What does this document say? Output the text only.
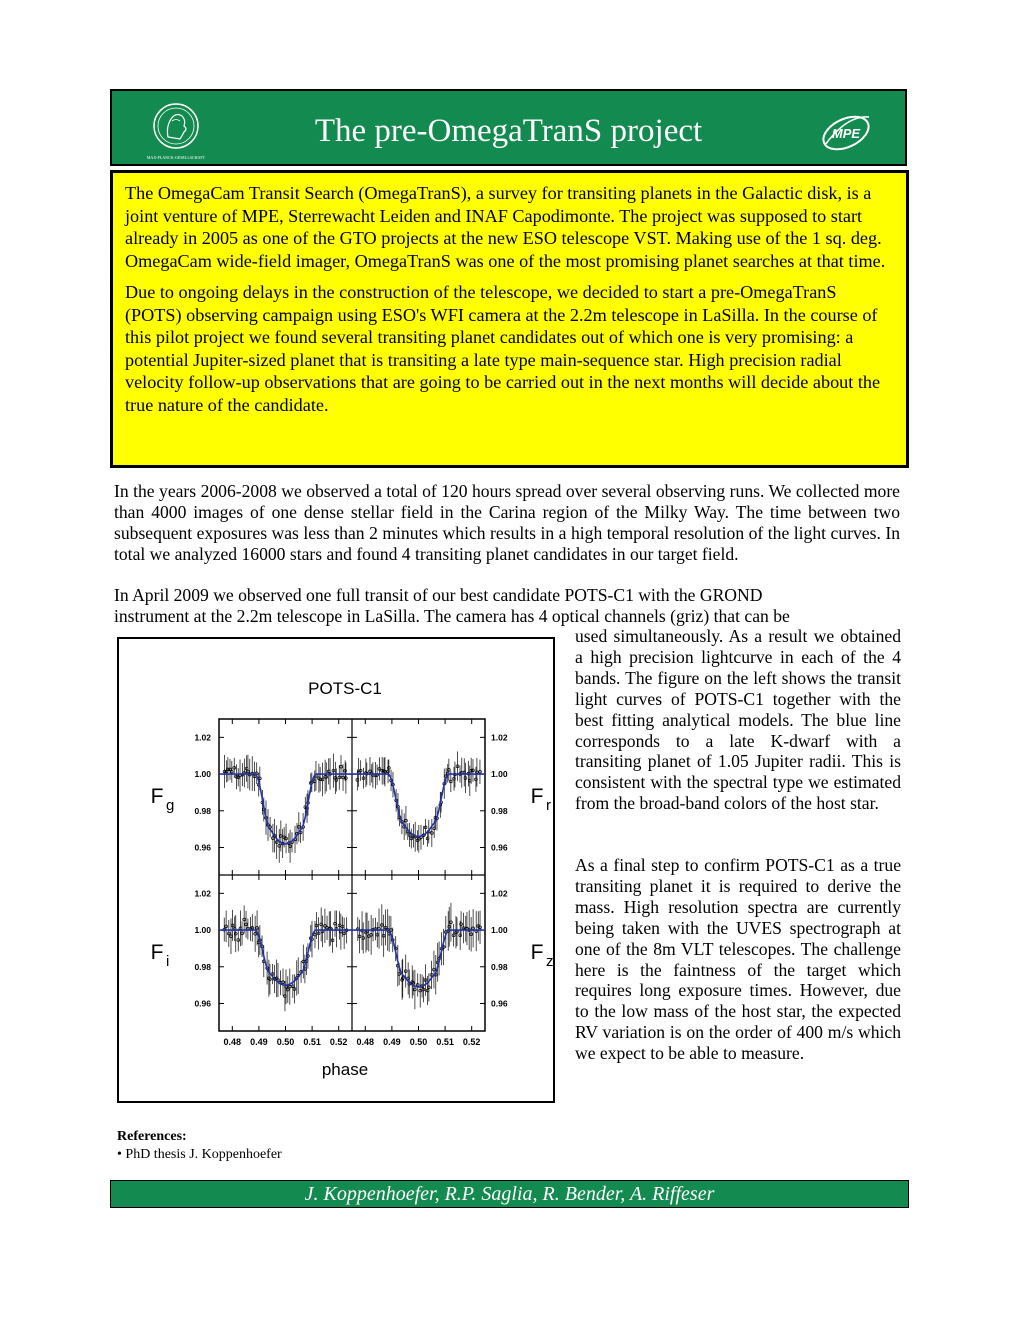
MAX-PLANCK-GESELLSCHAFT
The pre-OmegaTranS project	MPE

The OmegaCam Transit Search (OmegaTranS), a survey for transiting planets in the Galactic disk, is a joint venture of MPE, Sterrewacht Leiden and INAF Capodimonte. The project was supposed to start already in 2005 as one of the GTO projects at the new ESO telescope VST. Making use of the 1 sq. deg. OmegaCam wide-field imager, OmegaTranS was one of the most promising planet searches at that time.

Due to ongoing delays in the construction of the telescope, we decided to start a pre-OmegaTranS (POTS) observing campaign using ESO's WFI camera at the 2.2m telescope in LaSilla. In the course of this pilot project we found several transiting planet candidates out of which one is very promising: a potential Jupiter-sized planet that is transiting a late type main-sequence star. High precision radial velocity follow-up observations that are going to be carried out in the next months will decide about the true nature of the candidate.

In the years 2006-2008 we observed a total of 120 hours spread over several observing runs. We collected more than 4000 images of one dense stellar field in the Carina region of the Milky Way. The time between two subsequent exposures was less than 2 minutes which results in a high temporal resolution of the light curves. In total we analyzed 16000 stars and found 4 transiting planet candidates in our target field.

In April 2009 we observed one full transit of our best candidate POTS-C1 with the GROND
instrument at the 2.2m telescope in LaSilla. The camera has 4 optical channels (griz) that can be

POTS-C1
phase
1.02
1.00
0.98
0.96
F g
1.02
1.00
0.98
0.96
F r
1.02
1.00
0.98
0.96
0.48 0.49 0.50 0.51 0.52
F i
1.02
1.00
0.98
0.96
0.48 0.49 0.50 0.51 0.52
F z

used simultaneously. As a result we obtained a high precision lightcurve in each of the 4 bands. The figure on the left shows the transit light curves of POTS-C1 together with the best fitting analytical models. The blue line corresponds to a late K-dwarf with a transiting planet of 1.05 Jupiter radii. This is consistent with the spectral type we estimated from the broad-band colors of the host star.

As a final step to confirm POTS-C1 as a true transiting planet it is required to derive the mass. High resolution spectra are currently being taken with the UVES spectrograph at one of the 8m VLT telescopes. The challenge here is the faintness of the target which requires long exposure times. However, due to the low mass of the host star, the expected RV variation is on the order of 400 m/s which we expect to be able to measure.

References:
• PhD thesis J. Koppenhoefer
J. Koppenhoefer, R.P. Saglia, R. Bender, A. Riffeser
